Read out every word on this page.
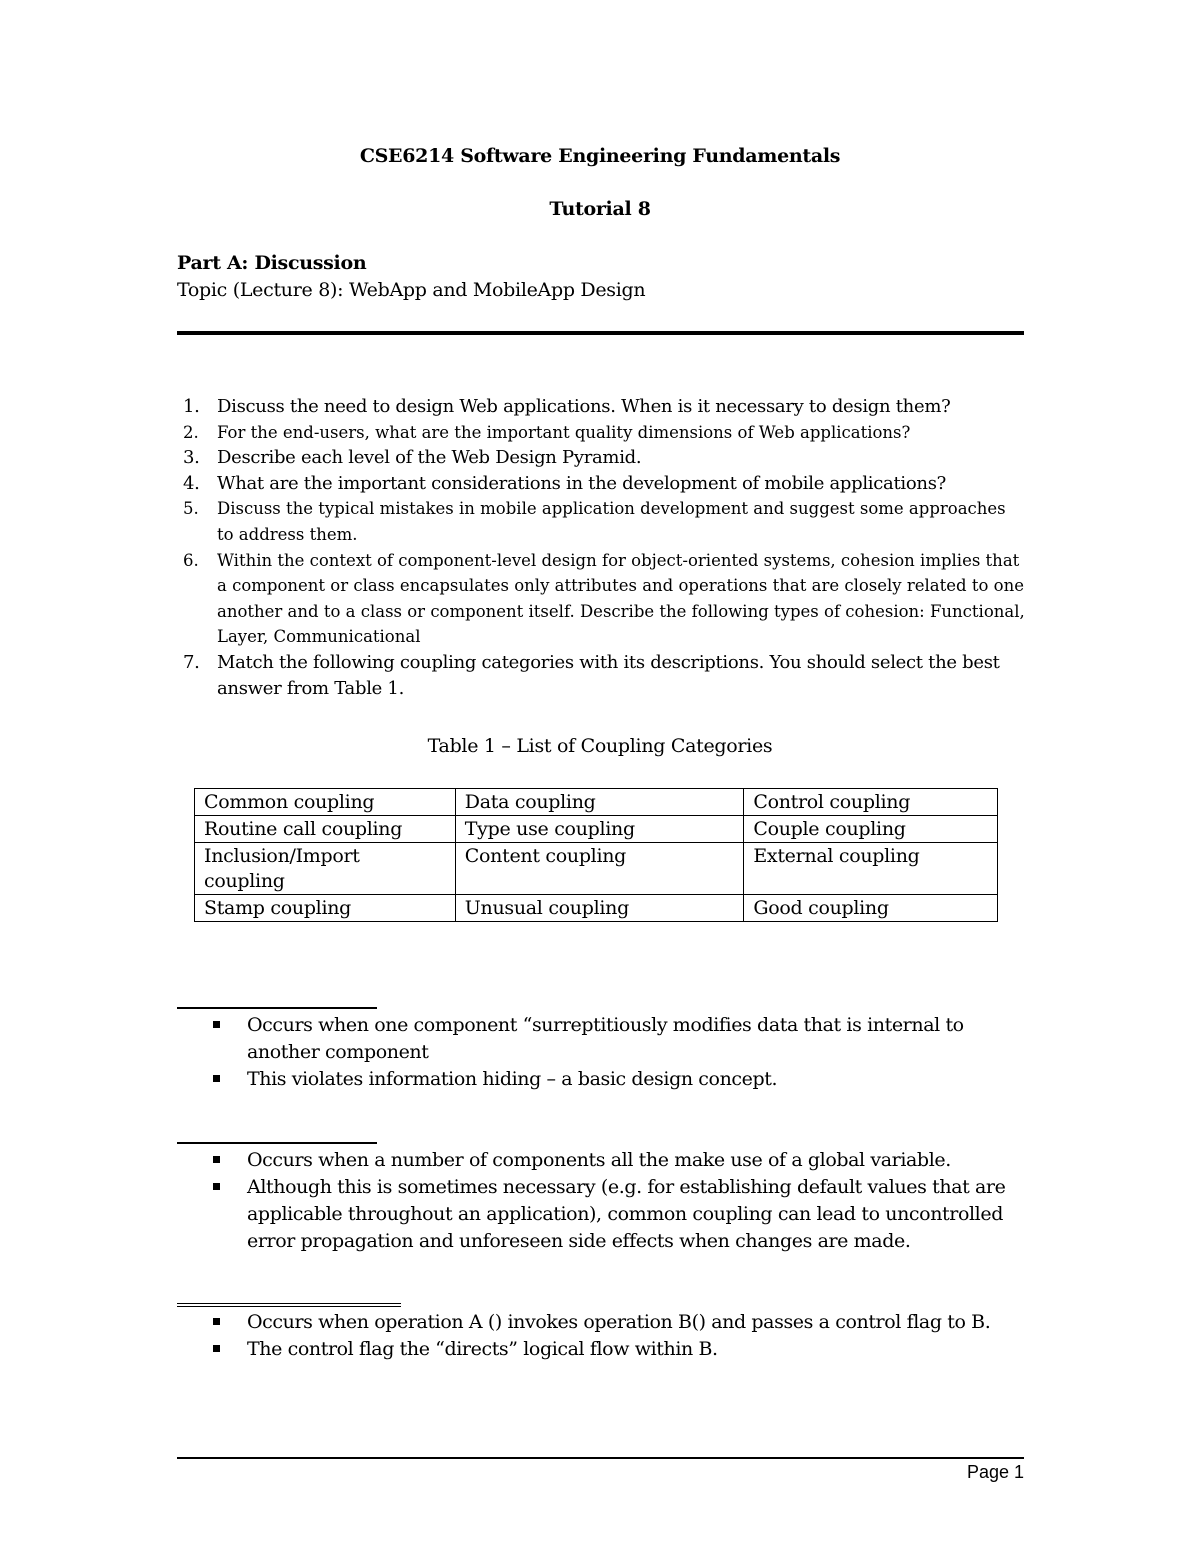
CSE6214 Software Engineering Fundamentals
Tutorial 8
Part A: Discussion
Topic (Lecture 8): WebApp and MobileApp Design
1. Discuss the need to design Web applications. When is it necessary to design them?
2. For the end-users, what are the important quality dimensions of Web applications?
3. Describe each level of the Web Design Pyramid.
4. What are the important considerations in the development of mobile applications?
5. Discuss the typical mistakes in mobile application development and suggest some approaches to address them.
6. Within the context of component-level design for object-oriented systems, cohesion implies that a component or class encapsulates only attributes and operations that are closely related to one another and to a class or component itself. Describe the following types of cohesion: Functional, Layer, Communicational
7. Match the following coupling categories with its descriptions. You should select the best answer from Table 1.
Table 1 – List of Coupling Categories
Common coupling	Data coupling	Control coupling
Routine call coupling	Type use coupling	Couple coupling
Inclusion/Import coupling	Content coupling	External coupling
Stamp coupling	Unusual coupling	Good coupling
Occurs when one component “surreptitiously modifies data that is internal to another component
This violates information hiding – a basic design concept.
Occurs when a number of components all the make use of a global variable.
Although this is sometimes necessary (e.g. for establishing default values that are applicable throughout an application), common coupling can lead to uncontrolled error propagation and unforeseen side effects when changes are made.
Occurs when operation A () invokes operation B() and passes a control flag to B.
The control flag the “directs” logical flow within B.
Page 1
